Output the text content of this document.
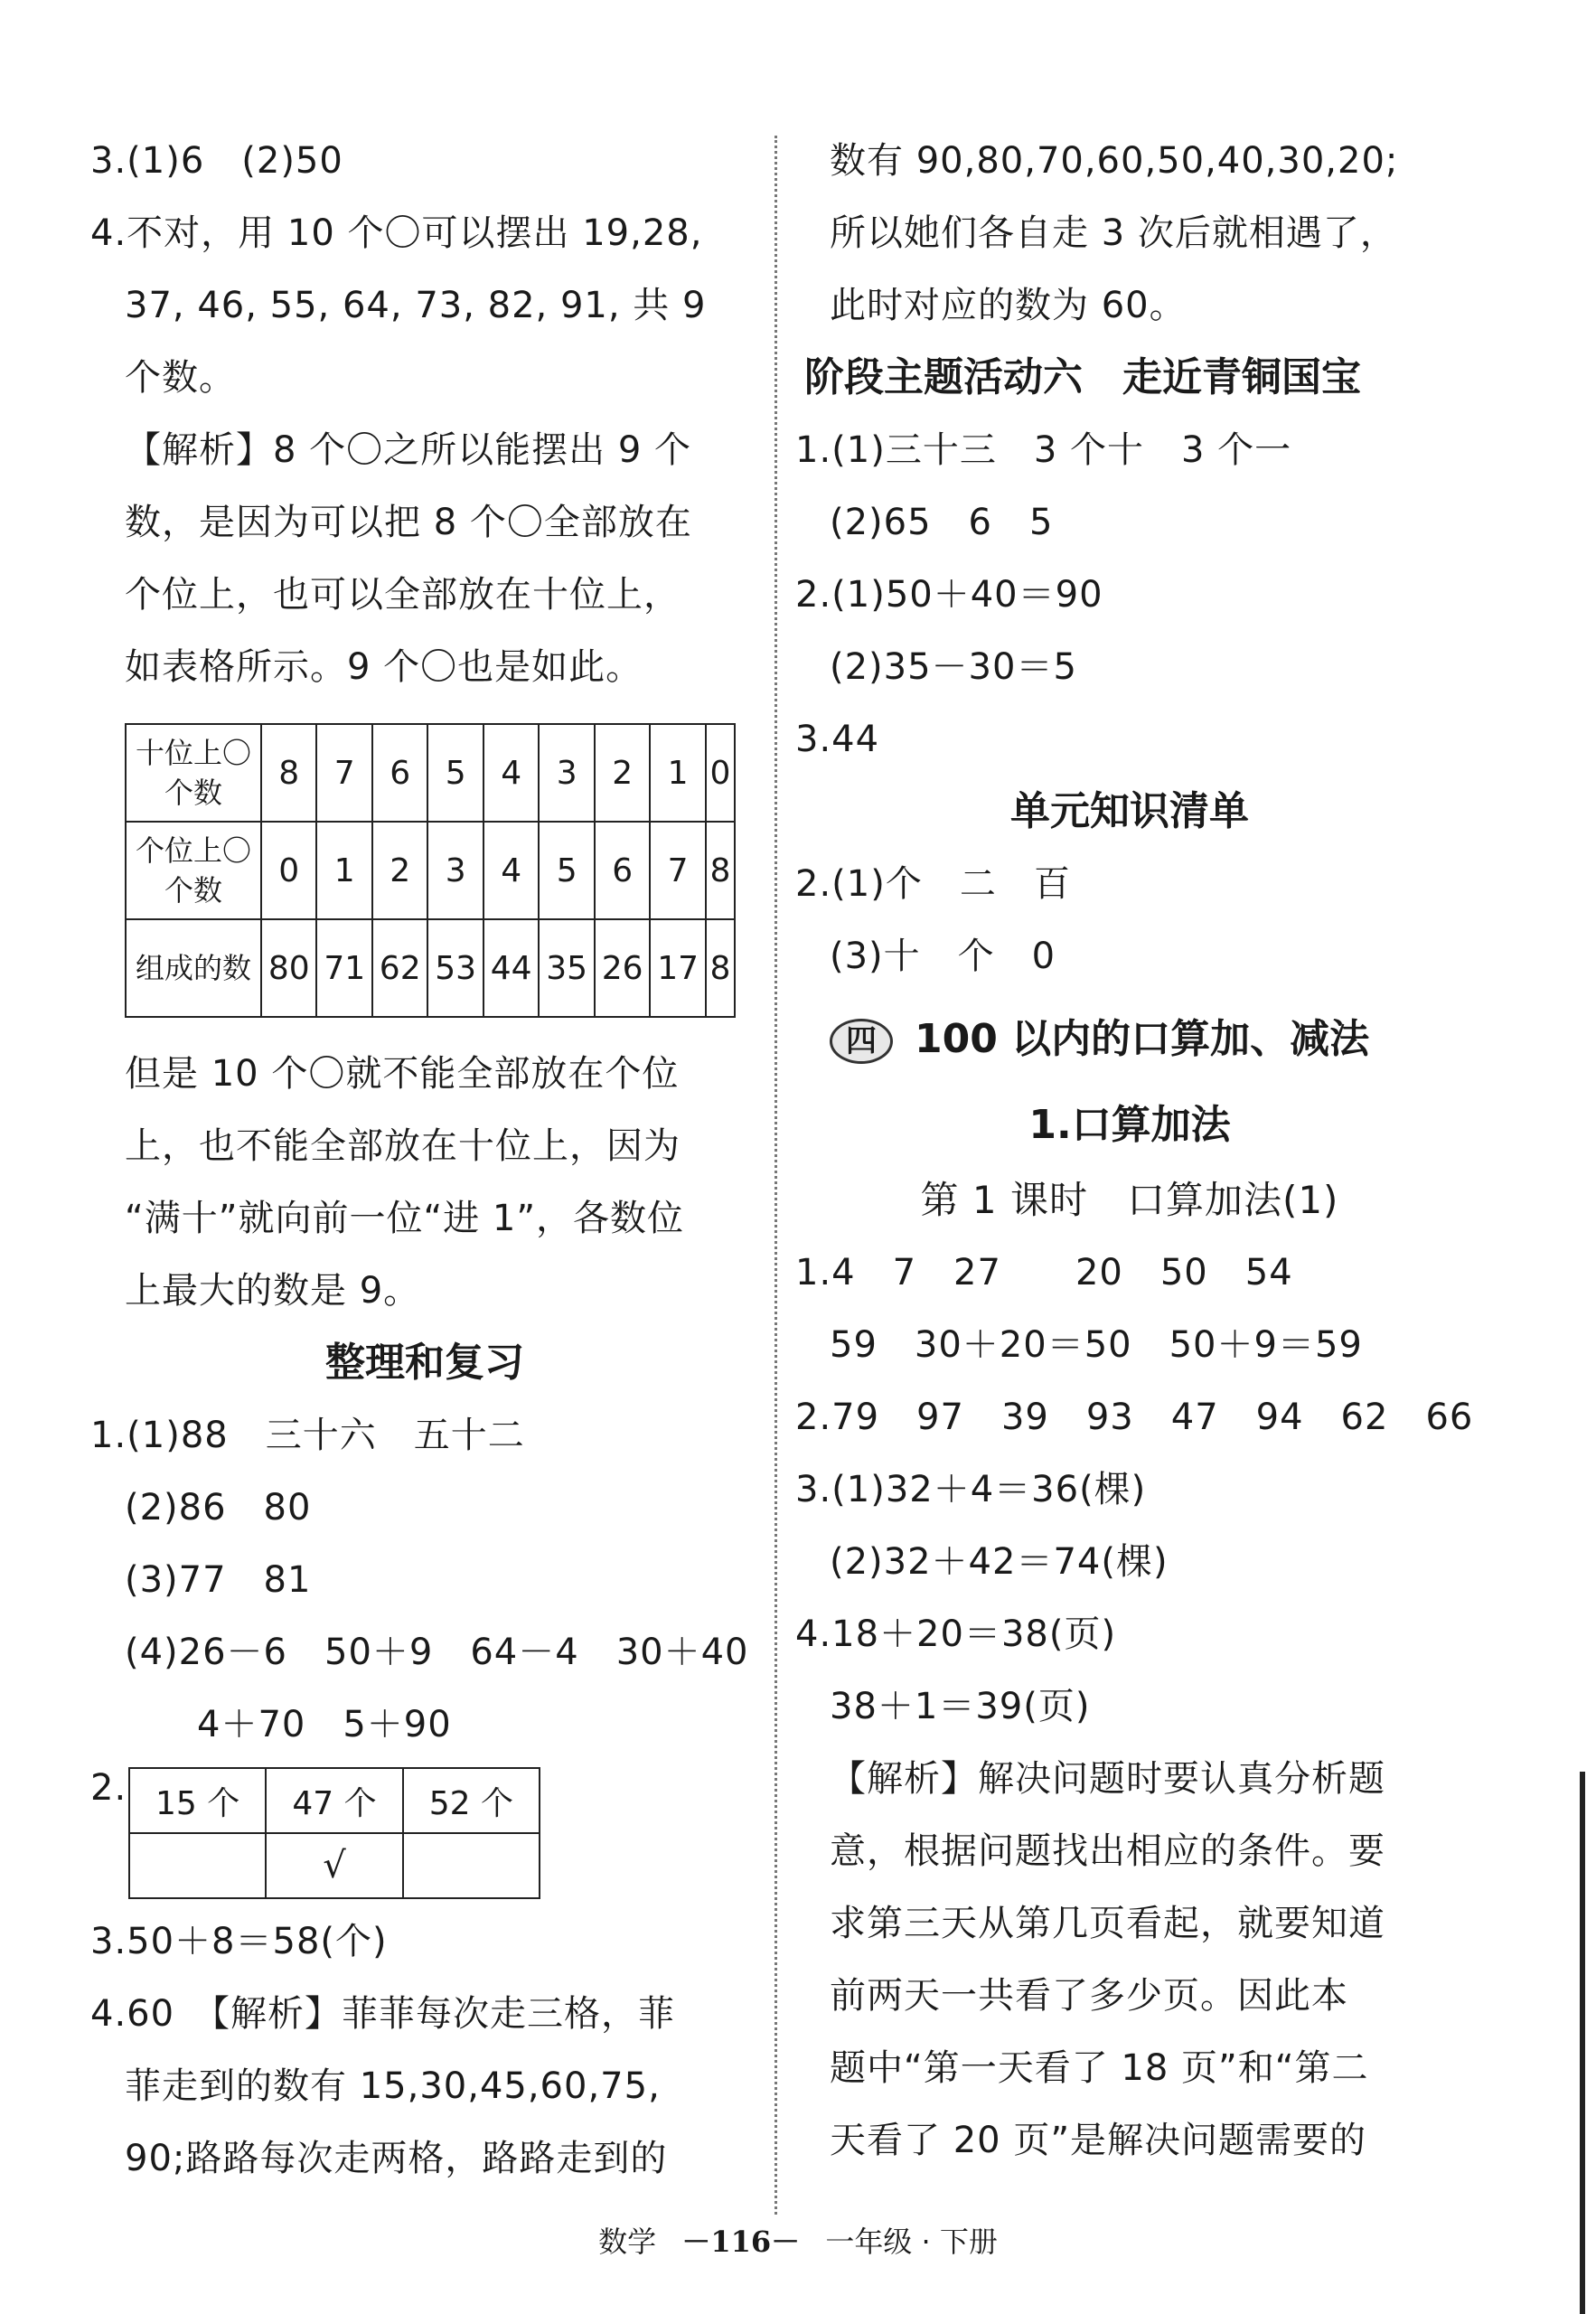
3.(1)6　(2)50
4.不对，用 10 个〇可以摆出 19,28,
37, 46, 55, 64, 73, 82, 91, 共 9
个数。
【解析】8 个〇之所以能摆出 9 个
数，是因为可以把 8 个〇全部放在
个位上，也可以全部放在十位上，
如表格所示。9 个〇也是如此。
十位上〇个数	8	7	6	5	4	3	2	1	0
个位上〇个数	0	1	2	3	4	5	6	7	8
组成的数	80	71	62	53	44	35	26	17	8
但是 10 个〇就不能全部放在个位
上，也不能全部放在十位上，因为
“满十”就向前一位“进 1”，各数位
上最大的数是 9。
整理和复习
1.(1)88　三十六　五十二
(2)86　80
(3)77　81
(4)26－6　50＋9　64－4　30＋40
4＋70　5＋90
2. 15 个	47 个	52 个
	√	
3.50＋8＝58(个)
4.60　【解析】菲菲每次走三格，菲
菲走到的数有 15,30,45,60,75,
90;路路每次走两格，路路走到的
数有 90,80,70,60,50,40,30,20;
所以她们各自走 3 次后就相遇了，
此时对应的数为 60。
阶段主题活动六　走近青铜国宝
1.(1)三十三　3 个十　3 个一
(2)65　6　5
2.(1)50＋40＝90
(2)35－30＝5
3.44
单元知识清单
2.(1)个　二　百
(3)十　个　0
四 100 以内的口算加、减法
1.口算加法
第 1 课时　口算加法(1)
1.4　7　27　　20　50　54
59　30＋20＝50　50＋9＝59
2.79　97　39　93　47　94　62　66
3.(1)32＋4＝36(棵)
(2)32＋42＝74(棵)
4.18＋20＝38(页)
38＋1＝39(页)
【解析】解决问题时要认真分析题
意，根据问题找出相应的条件。要
求第三天从第几页看起，就要知道
前两天一共看了多少页。因此本
题中“第一天看了 18 页”和“第二
天看了 20 页”是解决问题需要的
数学 －116－ 一年级 · 下册
